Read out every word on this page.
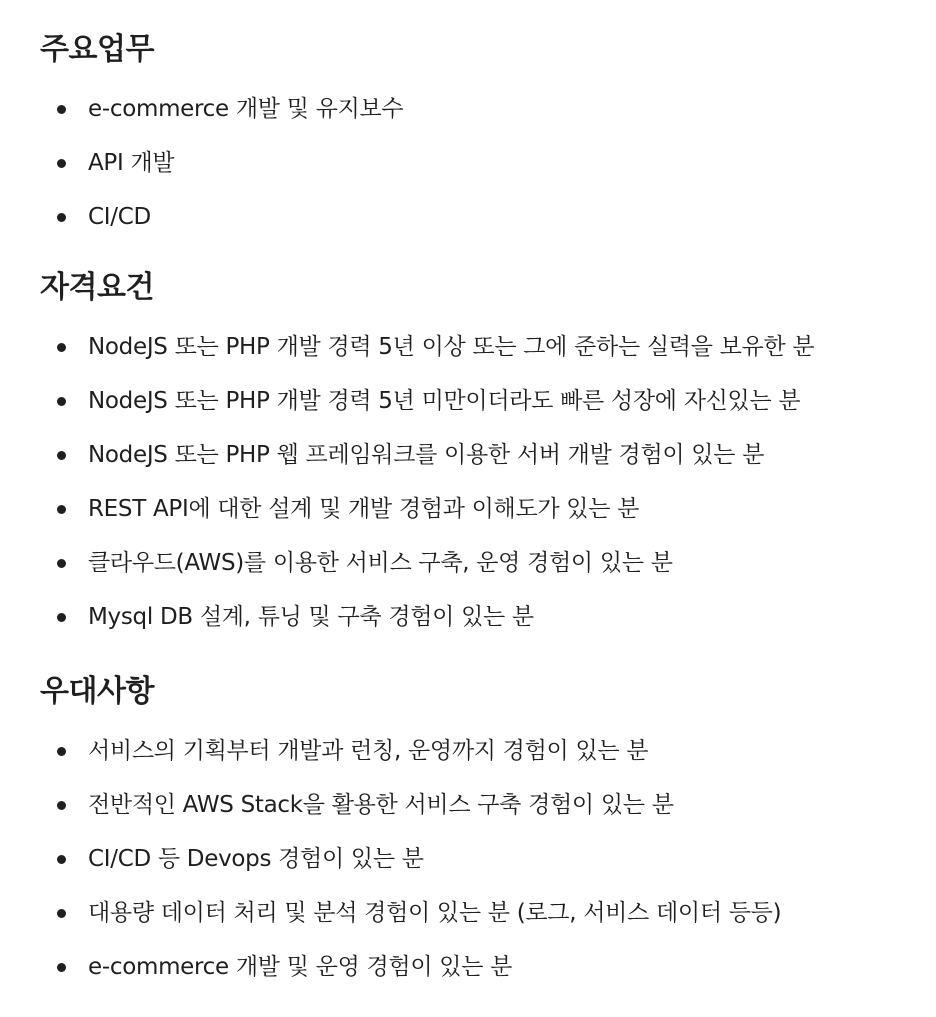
주요업무
e-commerce 개발 및 유지보수
API 개발
CI/CD
자격요건
NodeJS 또는 PHP 개발 경력 5년 이상 또는 그에 준하는 실력을 보유한 분
NodeJS 또는 PHP 개발 경력 5년 미만이더라도 빠른 성장에 자신있는 분
NodeJS 또는 PHP 웹 프레임워크를 이용한 서버 개발 경험이 있는 분
REST API에 대한 설계 및 개발 경험과 이해도가 있는 분
클라우드(AWS)를 이용한 서비스 구축, 운영 경험이 있는 분
Mysql DB 설계, 튜닝 및 구축 경험이 있는 분
우대사항
서비스의 기획부터 개발과 런칭, 운영까지 경험이 있는 분
전반적인 AWS Stack을 활용한 서비스 구축 경험이 있는 분
CI/CD 등 Devops 경험이 있는 분
대용량 데이터 처리 및 분석 경험이 있는 분 (로그, 서비스 데이터 등등)
e-commerce 개발 및 운영 경험이 있는 분
